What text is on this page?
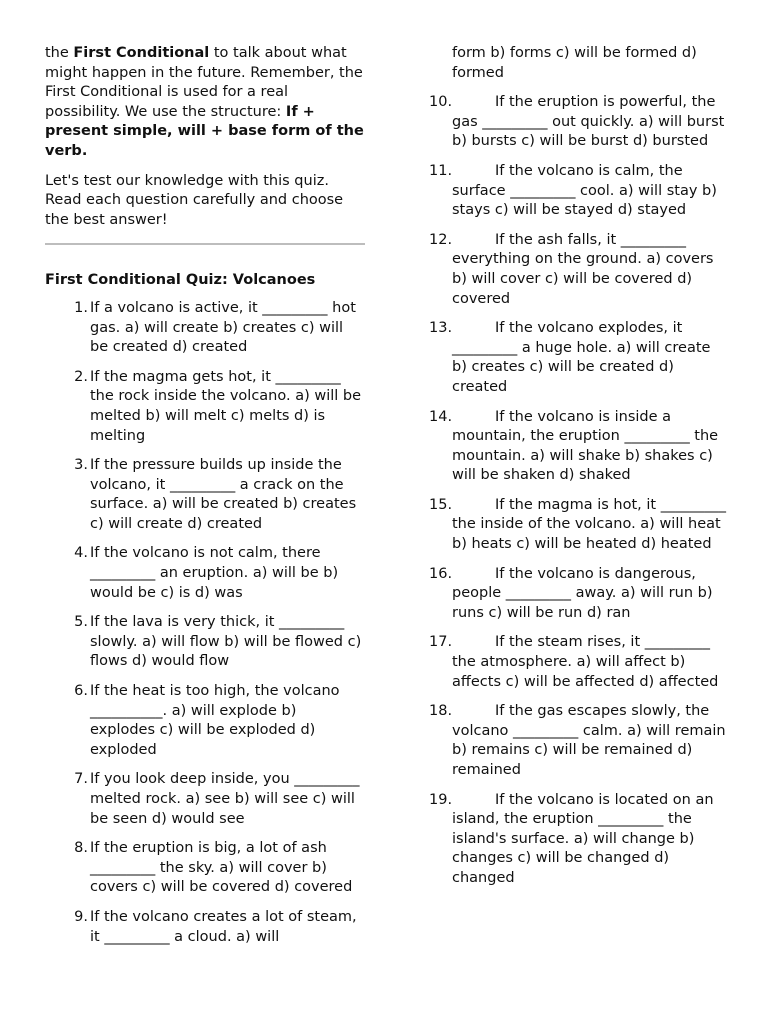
the First Conditional to talk about what might happen in the future. Remember, the First Conditional is used for a real possibility. We use the structure: If + present simple, will + base form of the verb.

Let's test our knowledge with this quiz. Read each question carefully and choose the best answer!

First Conditional Quiz: Volcanoes

1. If a volcano is active, it _________ hot gas. a) will create b) creates c) will be created d) created
2. If the magma gets hot, it _________ the rock inside the volcano. a) will be melted b) will melt c) melts d) is melting
3. If the pressure builds up inside the volcano, it _________ a crack on the surface. a) will be created b) creates c) will create d) created
4. If the volcano is not calm, there _________ an eruption. a) will be b) would be c) is d) was
5. If the lava is very thick, it _________ slowly. a) will flow b) will be flowed c) flows d) would flow
6. If the heat is too high, the volcano __________. a) will explode b) explodes c) will be exploded d) exploded
7. If you look deep inside, you _________ melted rock. a) see b) will see c) will be seen d) would see
8. If the eruption is big, a lot of ash _________ the sky. a) will cover b) covers c) will be covered d) covered
9. If the volcano creates a lot of steam, it _________ a cloud. a) will

form b) forms c) will be formed d) formed

10.	If the eruption is powerful, the gas _________ out quickly. a) will burst b) bursts c) will be burst d) bursted
11.	If the volcano is calm, the surface _________ cool. a) will stay b) stays c) will be stayed d) stayed
12.	If the ash falls, it _________ everything on the ground. a) covers b) will cover c) will be covered d) covered
13.	If the volcano explodes, it _________ a huge hole. a) will create b) creates c) will be created d) created
14.	If the volcano is inside a mountain, the eruption _________ the mountain. a) will shake b) shakes c) will be shaken d) shaked
15.	If the magma is hot, it _________ the inside of the volcano. a) will heat b) heats c) will be heated d) heated
16.	If the volcano is dangerous, people _________ away. a) will run b) runs c) will be run d) ran
17.	If the steam rises, it _________ the atmosphere. a) will affect b) affects c) will be affected d) affected
18.	If the gas escapes slowly, the volcano _________ calm. a) will remain b) remains c) will be remained d) remained
19.	If the volcano is located on an island, the eruption _________ the island's surface. a) will change b) changes c) will be changed d) changed
